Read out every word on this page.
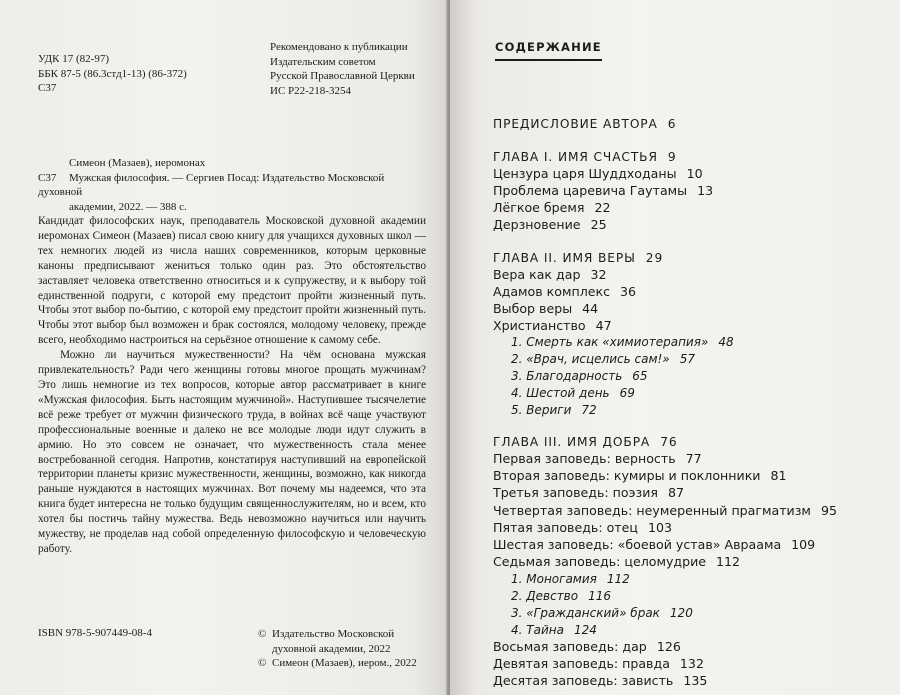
УДК 17 (82-97)
ББК 87-5 (86.3стд1-13) (86-372)
С37
Рекомендовано к публикации
Издательским советом
Русской Православной Церкви
ИС Р22-218-3254
Симеон (Мазаев), иеромонах
С37 Мужская философия. — Сергиев Посад: Издательство Московской духовной
академии, 2022. — 388 с.

Кандидат философских наук, преподаватель Московской духовной академии иеромонах Симеон (Мазаев) писал свою книгу для учащихся духовных школ — тех немногих людей из числа наших современников, которым церковные каноны предписывают жениться только один раз. Это обстоятельство заставляет человека ответственно относиться и к супружеству, и к выбору той единственной подруги, с которой ему предстоит пройти жизненный путь. Чтобы этот выбор по-бытию, с которой ему предстоит пройти жизненный путь. Чтобы этот выбор был возможен и брак состоялся, молодому человеку, прежде всего, необходимо настроиться на серьёзное отношение к самому себе.

Можно ли научиться мужественности? На чём основана мужская привлекательность? Ради чего женщины готовы многое прощать мужчинам? Это лишь немногие из тех вопросов, которые автор рассматривает в книге «Мужская философия. Быть настоящим мужчиной». Наступившее тысячелетие всё реже требует от мужчин физического труда, в войнах всё чаще участвуют профессиональные военные и далеко не все молодые люди идут служить в армию. Но это совсем не означает, что мужественность стала менее востребованной сегодня. Напротив, констатируя наступивший на европейской территории планеты кризис мужественности, женщины, возможно, как никогда раньше нуждаются в настоящих мужчинах. Вот почему мы надеемся, что эта книга будет интересна не только будущим священнослужителям, но и всем, кто хотел бы постичь тайну мужества. Ведь невозможно научиться или научить мужеству, не проделав над собой определенную философскую и человеческую работу.

ISBN 978-5-907449-08-4	© Издательство Московской
духовной академии, 2022
© Симеон (Мазаев), иером., 2022
СОДЕРЖАНИЕ
ПРЕДИСЛОВИЕ АВТОРА 6
ГЛАВА I. ИМЯ СЧАСТЬЯ 9
Цензура царя Шуддходаны 10
Проблема царевича Гаутамы 13
Лёгкое бремя 22
Дерзновение 25
ГЛАВА II. ИМЯ ВЕРЫ 29
Вера как дар 32
Адамов комплекс 36
Выбор веры 44
Христианство 47
1. Смерть как «химиотерапия» 48
2. «Врач, исцелись сам!» 57
3. Благодарность 65
4. Шестой день 69
5. Вериги 72
ГЛАВА III. ИМЯ ДОБРА 76
Первая заповедь: верность 77
Вторая заповедь: кумиры и поклонники 81
Третья заповедь: поэзия 87
Четвертая заповедь: неумеренный прагматизм 95
Пятая заповедь: отец 103
Шестая заповедь: «боевой устав» Авраама 109
Седьмая заповедь: целомудрие 112
1. Моногамия 112
2. Девство 116
3. «Гражданский» брак 120
4. Тайна 124
Восьмая заповедь: дар 126
Девятая заповедь: правда 132
Десятая заповедь: зависть 135
